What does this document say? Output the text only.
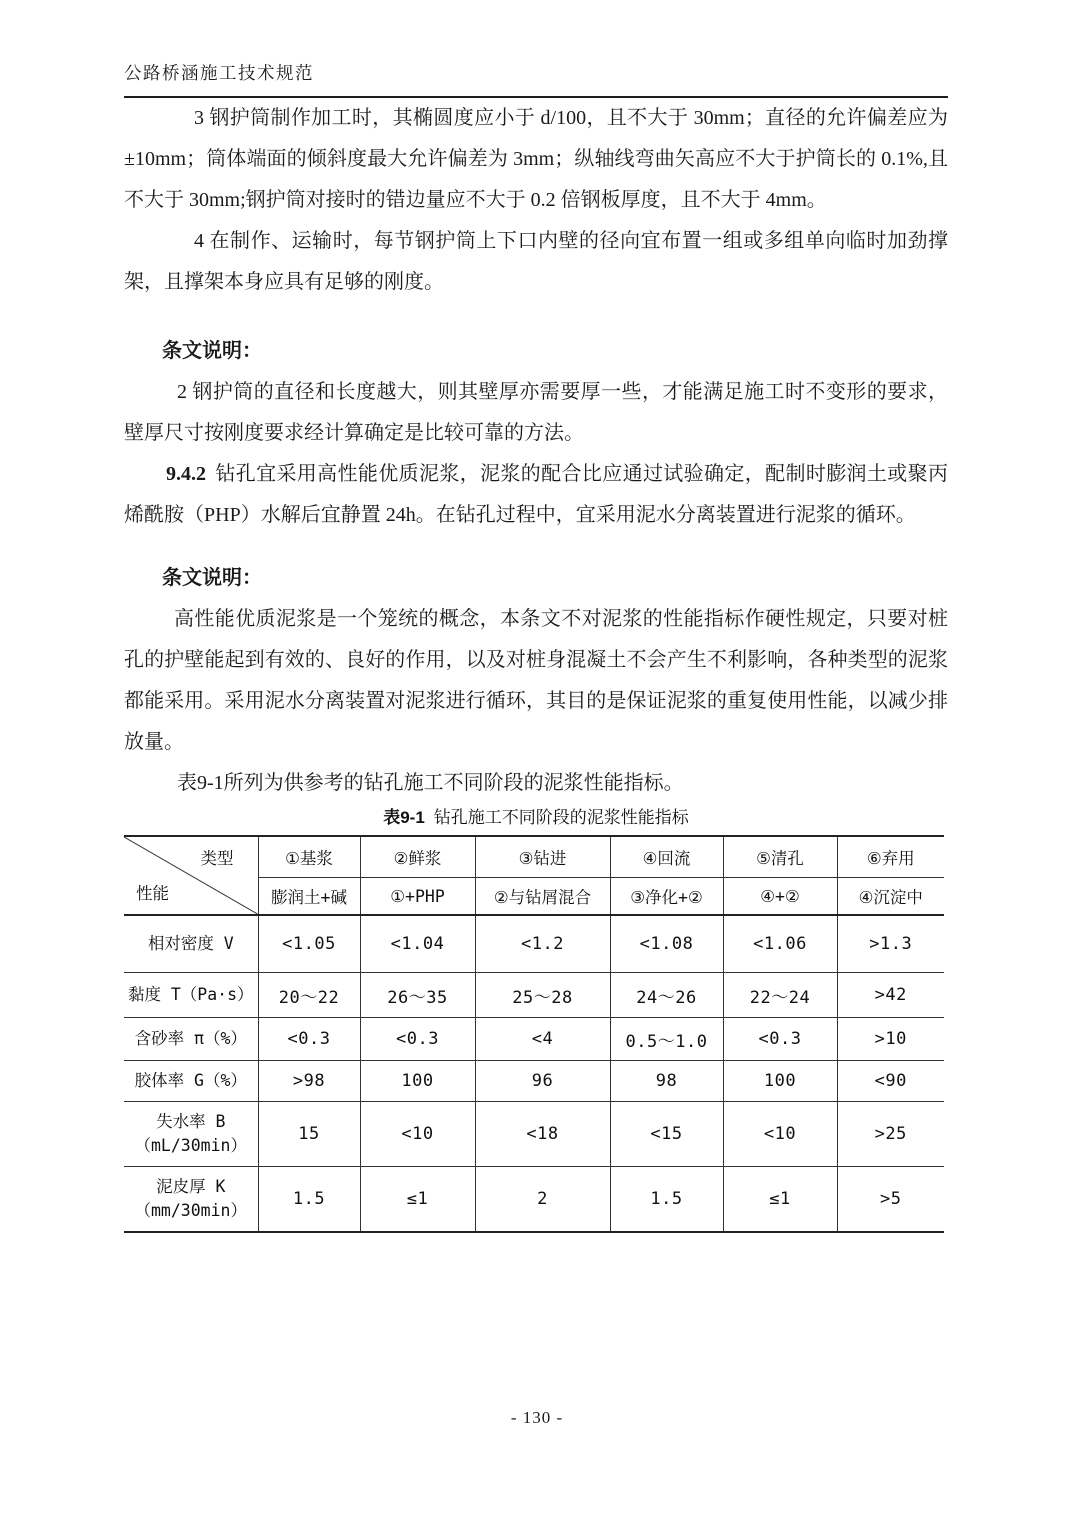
公路桥涵施工技术规范

3 钢护筒制作加工时，其椭圆度应小于 d/100，且不大于 30mm；直径的允许偏差应为±10mm；筒体端面的倾斜度最大允许偏差为 3mm；纵轴线弯曲矢高应不大于护筒长的 0.1%,且不大于 30mm;钢护筒对接时的错边量应不大于 0.2 倍钢板厚度，且不大于 4mm。

4 在制作、运输时，每节钢护筒上下口内壁的径向宜布置一组或多组单向临时加劲撑架，且撑架本身应具有足够的刚度。

条文说明：

2 钢护筒的直径和长度越大，则其壁厚亦需要厚一些，才能满足施工时不变形的要求，壁厚尺寸按刚度要求经计算确定是比较可靠的方法。

9.4.2 钻孔宜采用高性能优质泥浆，泥浆的配合比应通过试验确定，配制时膨润土或聚丙烯酰胺（PHP）水解后宜静置 24h。在钻孔过程中，宜采用泥水分离装置进行泥浆的循环。

条文说明：

高性能优质泥浆是一个笼统的概念，本条文不对泥浆的性能指标作硬性规定，只要对桩孔的护壁能起到有效的、良好的作用，以及对桩身混凝土不会产生不利影响，各种类型的泥浆都能采用。采用泥水分离装置对泥浆进行循环，其目的是保证泥浆的重复使用性能，以减少排放量。

表9-1所列为供参考的钻孔施工不同阶段的泥浆性能指标。

表9-1 钻孔施工不同阶段的泥浆性能指标
类型
性能	①基浆	②鲜浆	③钻进	④回流	⑤清孔	⑥弃用
	膨润土+碱	①+PHP	②与钻屑混合	③净化+②	④+②	④沉淀中
相对密度 V	<1.05	<1.04	<1.2	<1.08	<1.06	>1.3
黏度 T（Pa·s）	20～22	26～35	25～28	24～26	22～24	>42
含砂率 π（%）	<0.3	<0.3	<4	0.5～1.0	<0.3	>10
胶体率 G（%）	>98	100	96	98	100	<90

失水率 B
（mL/30min）	15	<10	<18	<15	<10	>25

泥皮厚 K
（mm/30min）	1.5	≤1	2	1.5	≤1	>5
- 130 -
